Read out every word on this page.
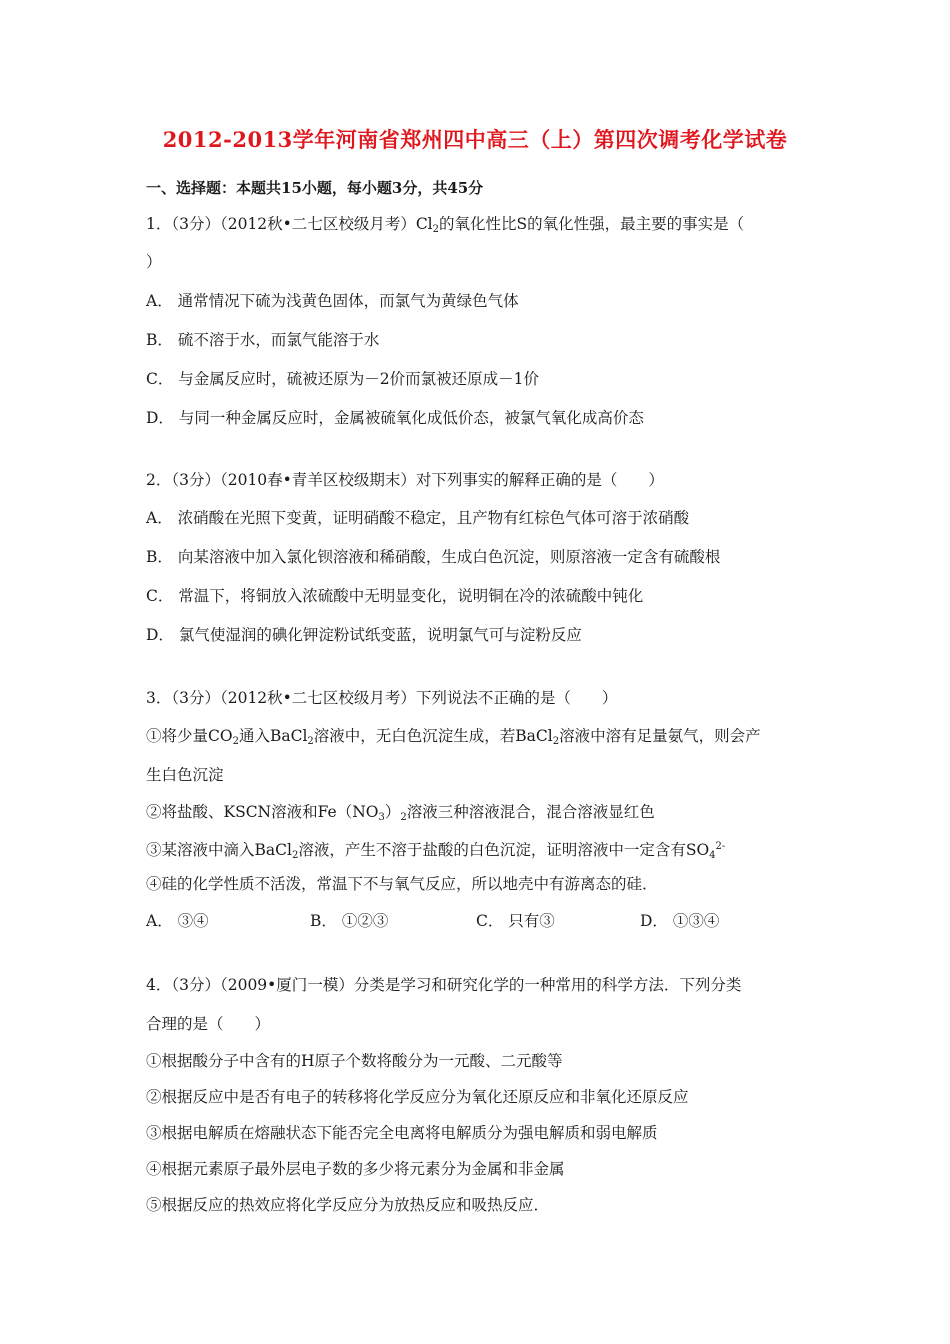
2012-2013学年河南省郑州四中高三（上）第四次调考化学试卷
一、选择题：本题共15小题，每小题3分，共45分
1．（3分）（2012秋•二七区校级月考）$Cl_2$的氧化性比S的氧化性强，最主要的事实是（
）
A． 通常情况下硫为浅黄色固体，而氯气为黄绿色气体
B． 硫不溶于水，而氯气能溶于水
C． 与金属反应时，硫被还原为－2价而氯被还原成－1价
D． 与同一种金属反应时，金属被硫氧化成低价态，被氯气氧化成高价态
2．（3分）（2010春•青羊区校级期末）对下列事实的解释正确的是（　　）
A． 浓硝酸在光照下变黄，证明硝酸不稳定，且产物有红棕色气体可溶于浓硝酸
B． 向某溶液中加入氯化钡溶液和稀硝酸，生成白色沉淀，则原溶液一定含有硫酸根
C． 常温下，将铜放入浓硫酸中无明显变化，说明铜在冷的浓硫酸中钝化
D． 氯气使湿润的碘化钾淀粉试纸变蓝，说明氯气可与淀粉反应
3．（3分）（2012秋•二七区校级月考）下列说法不正确的是（　　）
①将少量$CO_2$通入BaCl$_2$溶液中，无白色沉淀生成，若BaCl$_2$溶液中溶有足量氨气，则会产
生白色沉淀
②将盐酸、KSCN溶液和$Fe(NO_3)_2$溶液三种溶液混合，混合溶液显红色
③某溶液中滴入BaCl$_2$溶液，产生不溶于盐酸的白色沉淀，证明溶液中一定含有$SO_4^{2-}$
④硅的化学性质不活泼，常温下不与氧气反应，所以地壳中有游离态的硅．
A． ③④	B． ①②③	C． 只有③	D． ①③④
4．（3分）（2009•厦门一模）分类是学习和研究化学的一种常用的科学方法．下列分类
合理的是（　　）
①根据酸分子中含有的H原子个数将酸分为一元酸、二元酸等
②根据反应中是否有电子的转移将化学反应分为氧化还原反应和非氧化还原反应
③根据电解质在熔融状态下能否完全电离将电解质分为强电解质和弱电解质
④根据元素原子最外层电子数的多少将元素分为金属和非金属
⑤根据反应的热效应将化学反应分为放热反应和吸热反应．
